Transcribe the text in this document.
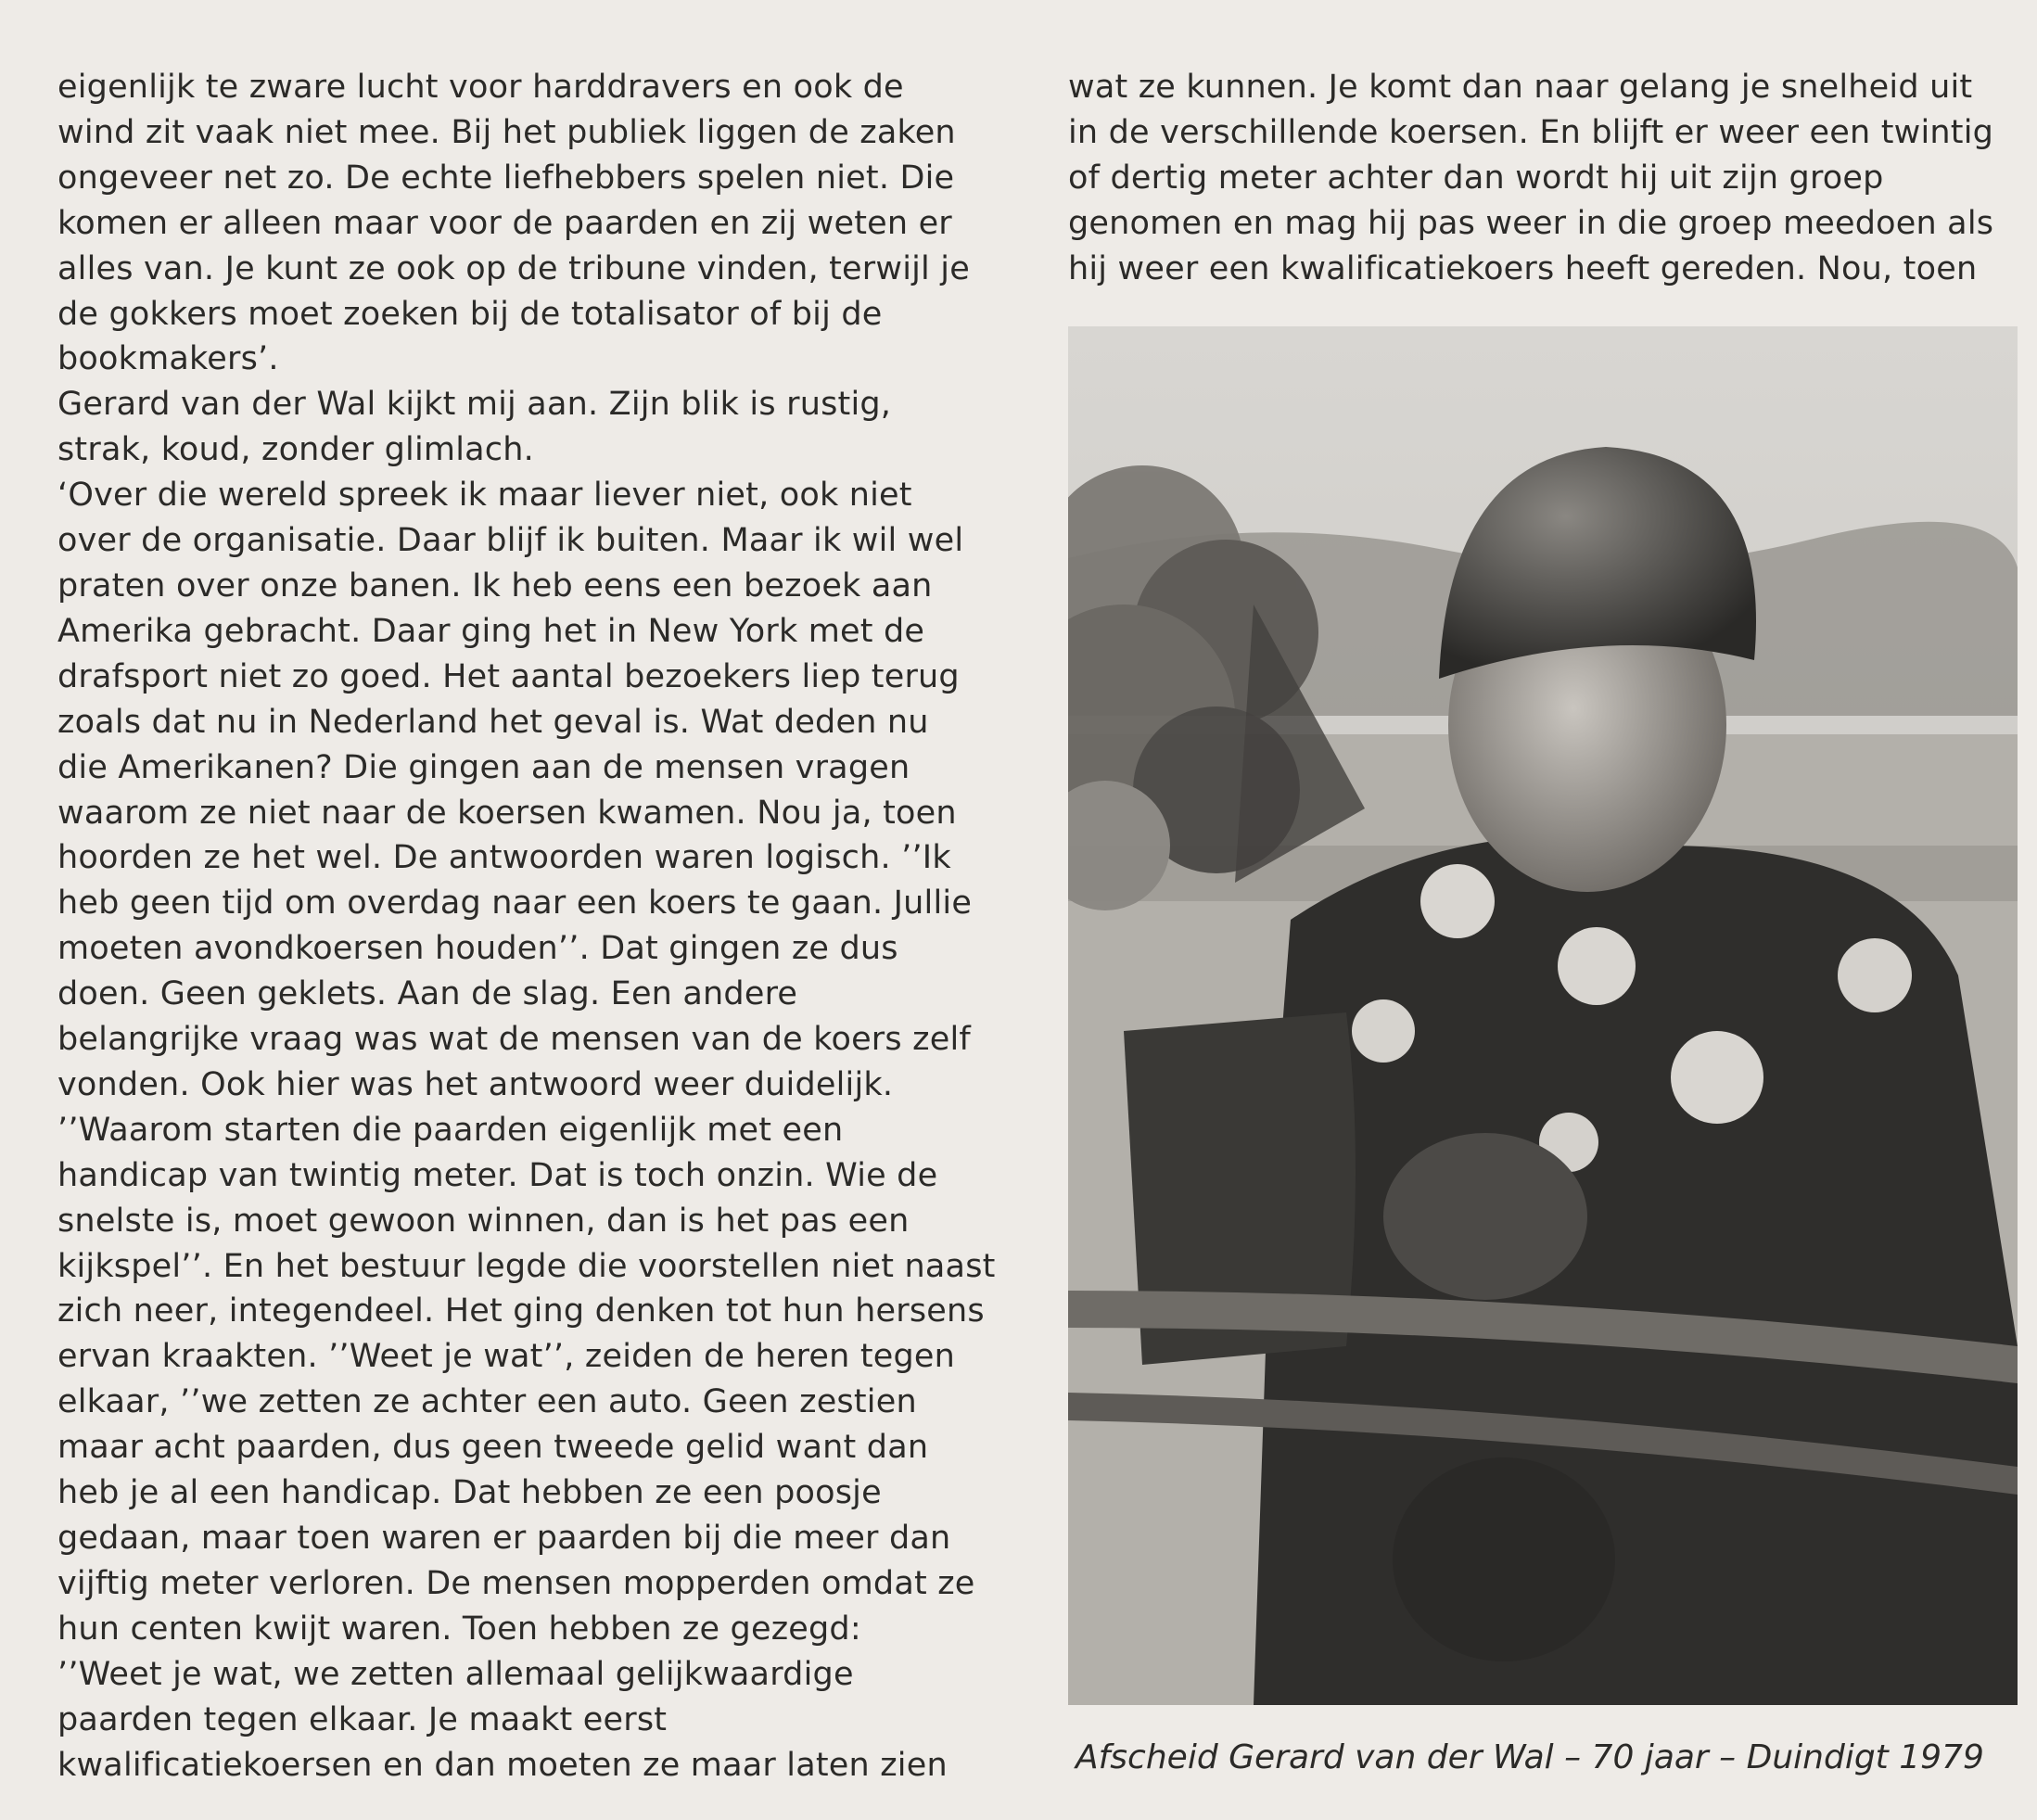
eigenlijk te zware lucht voor harddravers en ook de
wind zit vaak niet mee. Bij het publiek liggen de zaken
ongeveer net zo. De echte liefhebbers spelen niet. Die
komen er alleen maar voor de paarden en zij weten er
alles van. Je kunt ze ook op de tribune vinden, terwijl je
de gokkers moet zoeken bij de totalisator of bij de
bookmakers’.
Gerard van der Wal kijkt mij aan. Zijn blik is rustig,
strak, koud, zonder glimlach.
‘Over die wereld spreek ik maar liever niet, ook niet
over de organisatie. Daar blijf ik buiten. Maar ik wil wel
praten over onze banen. Ik heb eens een bezoek aan
Amerika gebracht. Daar ging het in New York met de
drafsport niet zo goed. Het aantal bezoekers liep terug
zoals dat nu in Nederland het geval is. Wat deden nu
die Amerikanen? Die gingen aan de mensen vragen
waarom ze niet naar de koersen kwamen. Nou ja, toen
hoorden ze het wel. De antwoorden waren logisch. ’’Ik
heb geen tijd om overdag naar een koers te gaan. Jullie
moeten avondkoersen houden’’. Dat gingen ze dus
doen. Geen geklets. Aan de slag. Een andere
belangrijke vraag was wat de mensen van de koers zelf
vonden. Ook hier was het antwoord weer duidelijk.
’’Waarom starten die paarden eigenlijk met een
handicap van twintig meter. Dat is toch onzin. Wie de
snelste is, moet gewoon winnen, dan is het pas een
kijkspel’’. En het bestuur legde die voorstellen niet naast
zich neer, integendeel. Het ging denken tot hun hersens
ervan kraakten. ’’Weet je wat’’, zeiden de heren tegen
elkaar, ’’we zetten ze achter een auto. Geen zestien
maar acht paarden, dus geen tweede gelid want dan
heb je al een handicap. Dat hebben ze een poosje
gedaan, maar toen waren er paarden bij die meer dan
vijftig meter verloren. De mensen mopperden omdat ze
hun centen kwijt waren. Toen hebben ze gezegd:
’’Weet je wat, we zetten allemaal gelijkwaardige
paarden tegen elkaar. Je maakt eerst
kwalificatiekoersen en dan moeten ze maar laten zien
wat ze kunnen. Je komt dan naar gelang je snelheid uit
in de verschillende koersen. En blijft er weer een twintig
of dertig meter achter dan wordt hij uit zijn groep
genomen en mag hij pas weer in die groep meedoen als
hij weer een kwalificatiekoers heeft gereden. Nou, toen
Afscheid Gerard van der Wal – 70 jaar – Duindigt 1979
